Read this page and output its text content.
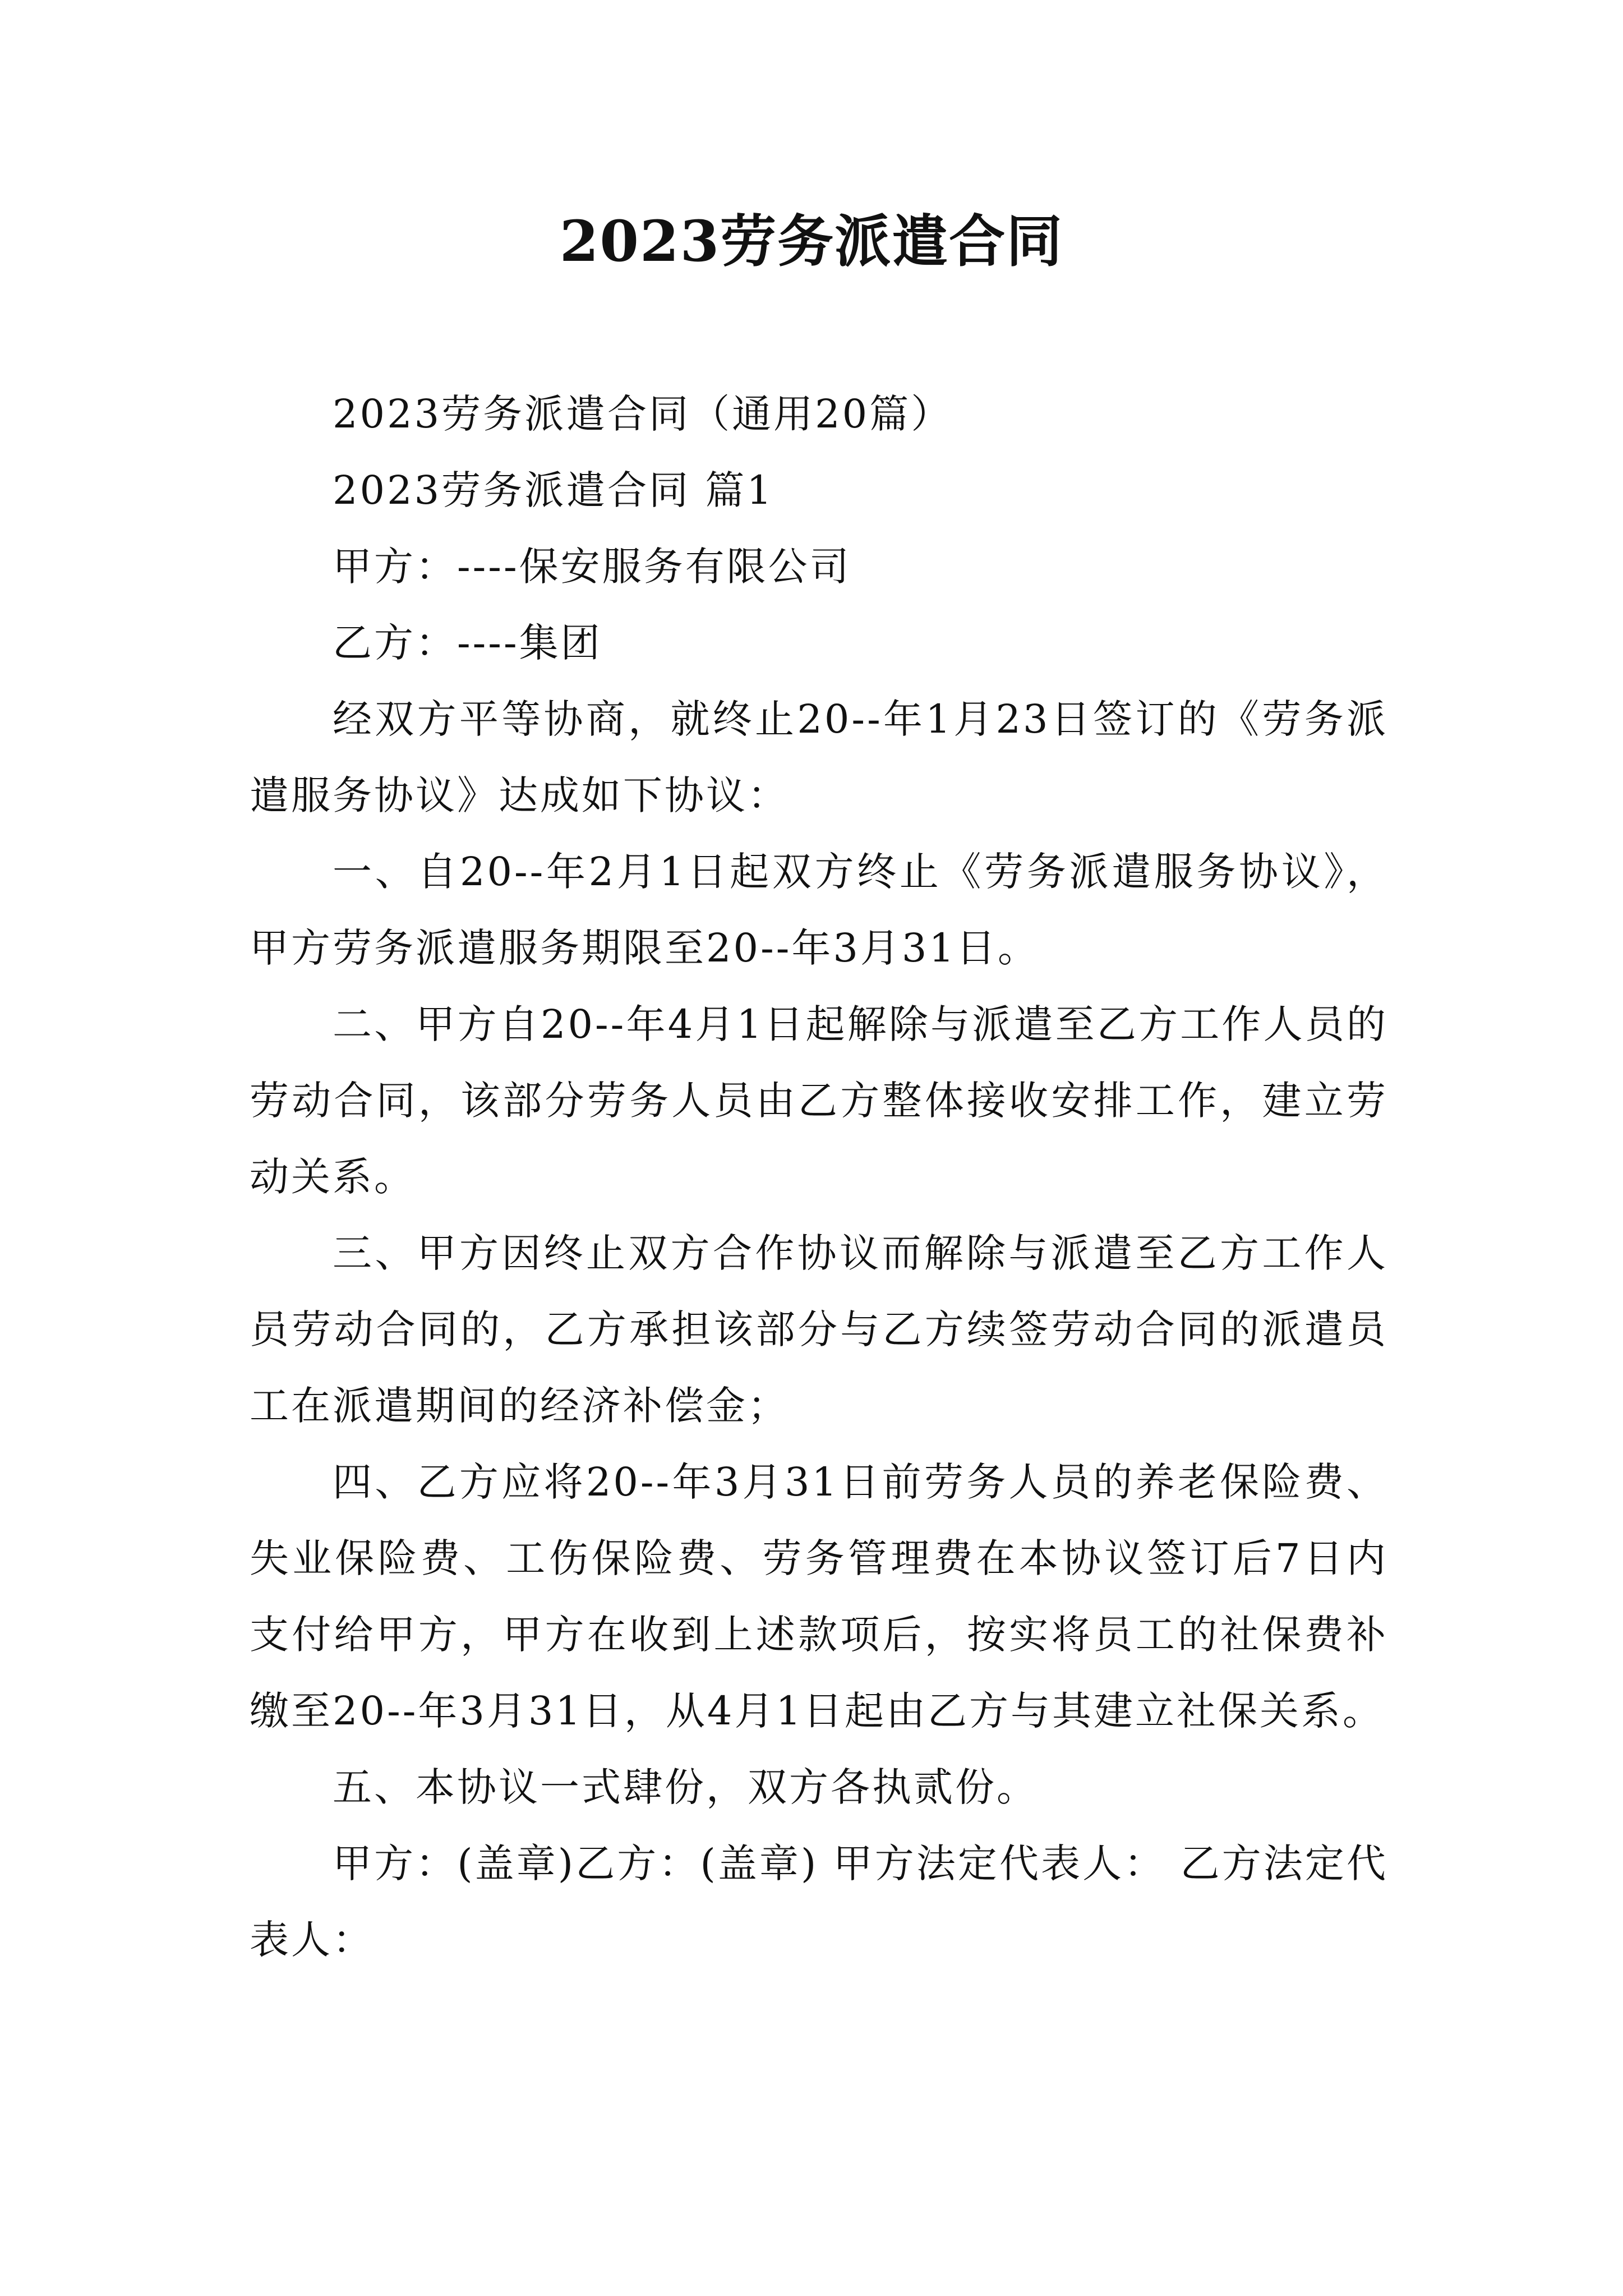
2023劳务派遣合同

2023劳务派遣合同（通用20篇）

2023劳务派遣合同 篇1

甲方：----保安服务有限公司

乙方：----集团

经双方平等协商，就终止20--年1月23日签订的《劳务派遣服务协议》达成如下协议：

一、自20--年2月1日起双方终止《劳务派遣服务协议》，甲方劳务派遣服务期限至20--年3月31日。

二、甲方自20--年4月1日起解除与派遣至乙方工作人员的劳动合同，该部分劳务人员由乙方整体接收安排工作，建立劳动关系。

三、甲方因终止双方合作协议而解除与派遣至乙方工作人员劳动合同的，乙方承担该部分与乙方续签劳动合同的派遣员工在派遣期间的经济补偿金；

四、乙方应将20--年3月31日前劳务人员的养老保险费、失业保险费、工伤保险费、劳务管理费在本协议签订后7日内支付给甲方，甲方在收到上述款项后，按实将员工的社保费补缴至20--年3月31日，从4月1日起由乙方与其建立社保关系。

五、本协议一式肆份，双方各执贰份。

甲方：(盖章)乙方：(盖章) 甲方法定代表人： 乙方法定代表人：
